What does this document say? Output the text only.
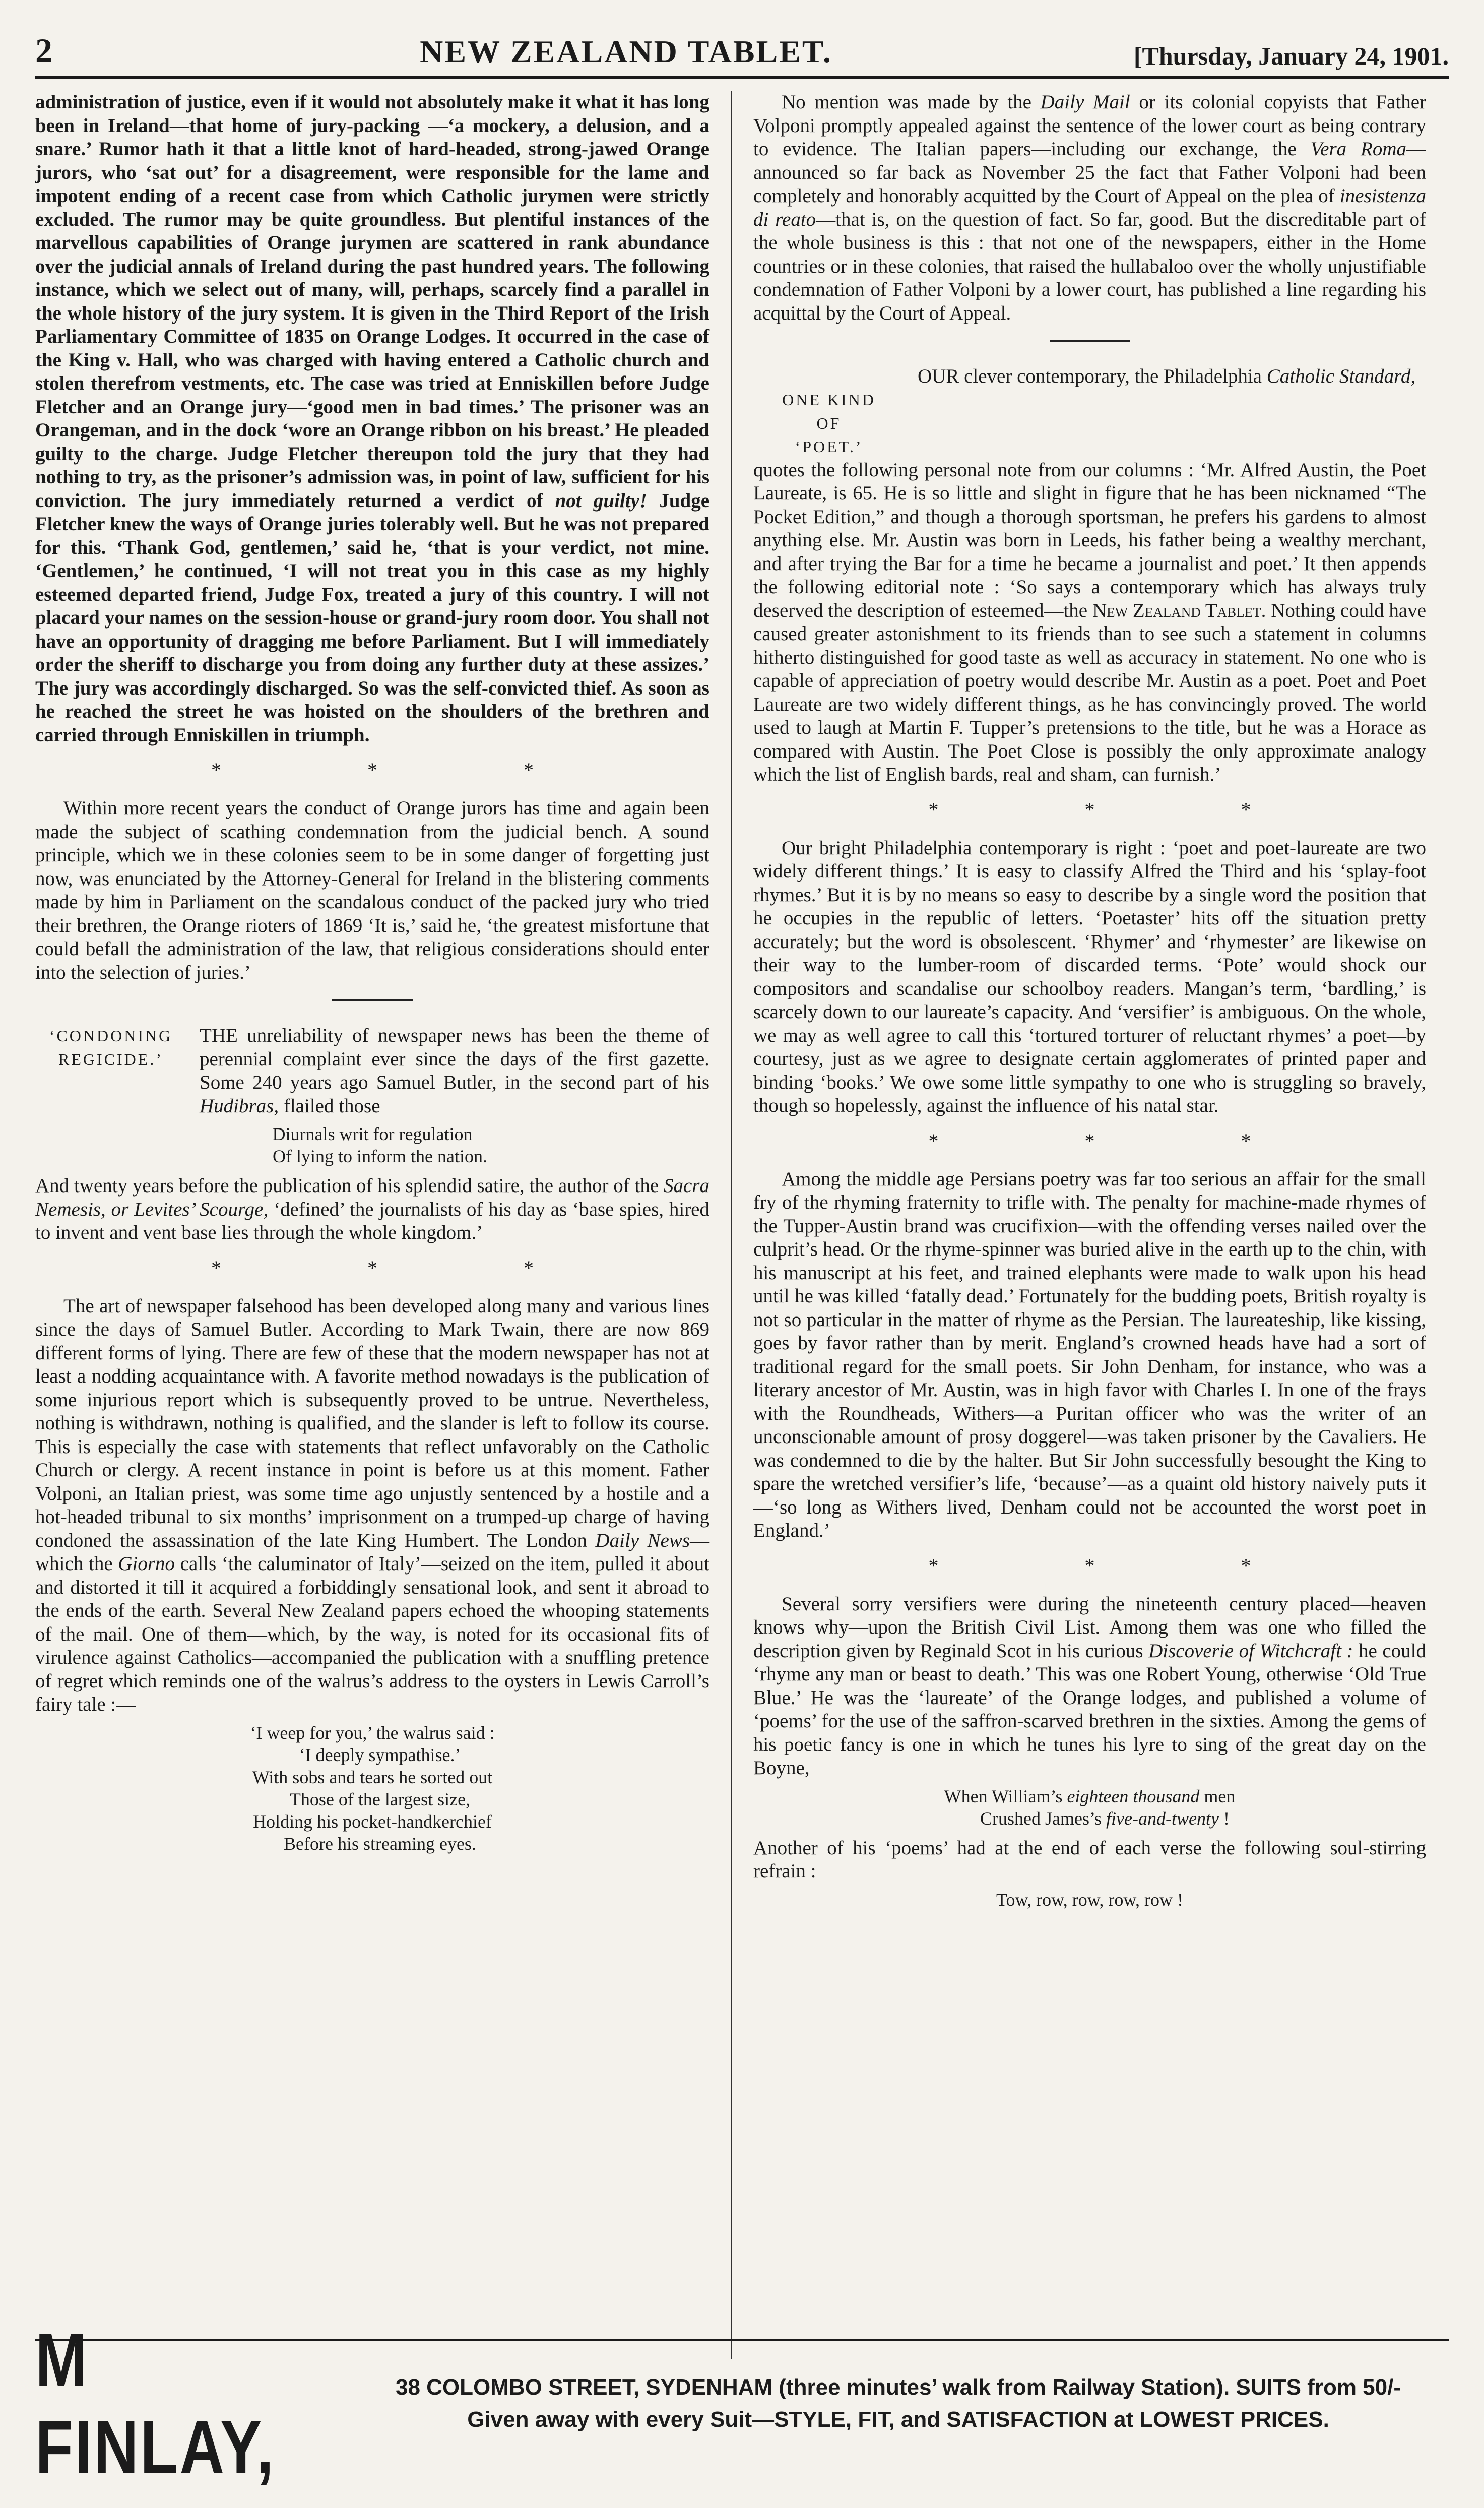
2	NEW ZEALAND TABLET.	[Thursday, January 24, 1901.

administration of justice, even if it would not absolutely make it what it has long been in Ireland—that home of jury-packing —‘a mockery, a delusion, and a snare.’ Rumor hath it that a little knot of hard-headed, strong-jawed Orange jurors, who ‘sat out’ for a disagreement, were responsible for the lame and impotent ending of a recent case from which Catholic jurymen were strictly excluded. The rumor may be quite groundless. But plentiful instances of the marvellous capabilities of Orange jurymen are scattered in rank abundance over the judicial annals of Ireland during the past hundred years. The following instance, which we select out of many, will, perhaps, scarcely find a parallel in the whole history of the jury system. It is given in the Third Report of the Irish Parliamentary Committee of 1835 on Orange Lodges. It occurred in the case of the King v. Hall, who was charged with having entered a Catholic church and stolen therefrom vestments, etc. The case was tried at Enniskillen before Judge Fletcher and an Orange jury—‘good men in bad times.’ The prisoner was an Orangeman, and in the dock ‘wore an Orange ribbon on his breast.’ He pleaded guilty to the charge. Judge Fletcher thereupon told the jury that they had nothing to try, as the prisoner’s admission was, in point of law, sufficient for his conviction. The jury immediately returned a verdict of not guilty! Judge Fletcher knew the ways of Orange juries tolerably well. But he was not prepared for this. ‘Thank God, gentlemen,’ said he, ‘that is your verdict, not mine. ‘Gentlemen,’ he continued, ‘I will not treat you in this case as my highly esteemed departed friend, Judge Fox, treated a jury of this country. I will not placard your names on the session-house or grand-jury room door. You shall not have an opportunity of dragging me before Parliament. But I will immediately order the sheriff to discharge you from doing any further duty at these assizes.’ The jury was accordingly discharged. So was the self-convicted thief. As soon as he reached the street he was hoisted on the shoulders of the brethren and carried through Enniskillen in triumph.

* * *

Within more recent years the conduct of Orange jurors has time and again been made the subject of scathing condemnation from the judicial bench. A sound principle, which we in these colonies seem to be in some danger of forgetting just now, was enunciated by the Attorney-General for Ireland in the blistering comments made by him in Parliament on the scandalous conduct of the packed jury who tried their brethren, the Orange rioters of 1869 ‘It is,’ said he, ‘the greatest misfortune that could befall the administration of the law, that religious considerations should enter into the selection of juries.’

‘CONDONING
REGICIDE.’

THE unreliability of newspaper news has been the theme of perennial complaint ever since the days of the first gazette. Some 240 years ago Samuel Butler, in the second part of his Hudibras, flailed those

Diurnals writ for regulation
Of lying to inform the nation.

And twenty years before the publication of his splendid satire, the author of the Sacra Nemesis, or Levites’ Scourge, ‘defined’ the journalists of his day as ‘base spies, hired to invent and vent base lies through the whole kingdom.’

* * *

The art of newspaper falsehood has been developed along many and various lines since the days of Samuel Butler. According to Mark Twain, there are now 869 different forms of lying. There are few of these that the modern newspaper has not at least a nodding acquaintance with. A favorite method nowadays is the publication of some injurious report which is subsequently proved to be untrue. Nevertheless, nothing is withdrawn, nothing is qualified, and the slander is left to follow its course. This is especially the case with statements that reflect unfavorably on the Catholic Church or clergy. A recent instance in point is before us at this moment. Father Volponi, an Italian priest, was some time ago unjustly sentenced by a hostile and a hot-headed tribunal to six months’ imprisonment on a trumped-up charge of having condoned the assassination of the late King Humbert. The London Daily News—which the Giorno calls ‘the caluminator of Italy’—seized on the item, pulled it about and distorted it till it acquired a forbiddingly sensational look, and sent it abroad to the ends of the earth. Several New Zealand papers echoed the whooping statements of the mail. One of them—which, by the way, is noted for its occasional fits of virulence against Catholics—accompanied the publication with a snuffling pretence of regret which reminds one of the walrus’s address to the oysters in Lewis Carroll’s fairy tale :—

‘I weep for you,’ the walrus said :
‘I deeply sympathise.’
With sobs and tears he sorted out
Those of the largest size,
Holding his pocket-handkerchief
Before his streaming eyes.

No mention was made by the Daily Mail or its colonial copyists that Father Volponi promptly appealed against the sentence of the lower court as being contrary to evidence. The Italian papers—including our exchange, the Vera Roma—announced so far back as November 25 the fact that Father Volponi had been completely and honorably acquitted by the Court of Appeal on the plea of inesistenza di reato—that is, on the question of fact. So far, good. But the discreditable part of the whole business is this : that not one of the newspapers, either in the Home countries or in these colonies, that raised the hullabaloo over the wholly unjustifiable condemnation of Father Volponi by a lower court, has published a line regarding his acquittal by the Court of Appeal.

ONE KIND
OF
‘POET.’

OUR clever contemporary, the Philadelphia Catholic Standard,

quotes the following personal note from our columns : ‘Mr. Alfred Austin, the Poet Laureate, is 65. He is so little and slight in figure that he has been nicknamed “The Pocket Edition,” and though a thorough sportsman, he prefers his gardens to almost anything else. Mr. Austin was born in Leeds, his father being a wealthy merchant, and after trying the Bar for a time he became a journalist and poet.’ It then appends the following editorial note : ‘So says a contemporary which has always truly deserved the description of esteemed—the New Zealand Tablet. Nothing could have caused greater astonishment to its friends than to see such a statement in columns hitherto distinguished for good taste as well as accuracy in statement. No one who is capable of appreciation of poetry would describe Mr. Austin as a poet. Poet and Poet Laureate are two widely different things, as he has convincingly proved. The world used to laugh at Martin F. Tupper’s pretensions to the title, but he was a Horace as compared with Austin. The Poet Close is possibly the only approximate analogy which the list of English bards, real and sham, can furnish.’

* * *

Our bright Philadelphia contemporary is right : ‘poet and poet-laureate are two widely different things.’ It is easy to classify Alfred the Third and his ‘splay-foot rhymes.’ But it is by no means so easy to describe by a single word the position that he occupies in the republic of letters. ‘Poetaster’ hits off the situation pretty accurately; but the word is obsolescent. ‘Rhymer’ and ‘rhymester’ are likewise on their way to the lumber-room of discarded terms. ‘Pote’ would shock our compositors and scandalise our schoolboy readers. Mangan’s term, ‘bardling,’ is scarcely down to our laureate’s capacity. And ‘versifier’ is ambiguous. On the whole, we may as well agree to call this ‘tortured torturer of reluctant rhymes’ a poet—by courtesy, just as we agree to designate certain agglomerates of printed paper and binding ‘books.’ We owe some little sympathy to one who is struggling so bravely, though so hopelessly, against the influence of his natal star.

* * *

Among the middle age Persians poetry was far too serious an affair for the small fry of the rhyming fraternity to trifle with. The penalty for machine-made rhymes of the Tupper-Austin brand was crucifixion—with the offending verses nailed over the culprit’s head. Or the rhyme-spinner was buried alive in the earth up to the chin, with his manuscript at his feet, and trained elephants were made to walk upon his head until he was killed ‘fatally dead.’ Fortunately for the budding poets, British royalty is not so particular in the matter of rhyme as the Persian. The laureateship, like kissing, goes by favor rather than by merit. England’s crowned heads have had a sort of traditional regard for the small poets. Sir John Denham, for instance, who was a literary ancestor of Mr. Austin, was in high favor with Charles I. In one of the frays with the Roundheads, Withers—a Puritan officer who was the writer of an unconscionable amount of prosy doggerel—was taken prisoner by the Cavaliers. He was condemned to die by the halter. But Sir John successfully besought the King to spare the wretched versifier’s life, ‘because’—as a quaint old history naively puts it—‘so long as Withers lived, Denham could not be accounted the worst poet in England.’

* * *

Several sorry versifiers were during the nineteenth century placed—heaven knows why—upon the British Civil List. Among them was one who filled the description given by Reginald Scot in his curious Discoverie of Witchcraft : he could ‘rhyme any man or beast to death.’ This was one Robert Young, otherwise ‘Old True Blue.’ He was the ‘laureate’ of the Orange lodges, and published a volume of ‘poems’ for the use of the saffron-scarved brethren in the sixties. Among the gems of his poetic fancy is one in which he tunes his lyre to sing of the great day on the Boyne,

When William’s eighteen thousand men
Crushed James’s five-and-twenty !

Another of his ‘poems’ had at the end of each verse the following soul-stirring refrain :

Tow, row, row, row, row !
M FINLAY,
38 COLOMBO STREET, SYDENHAM (three minutes’ walk from Railway Station). SUITS from 50/-
Given away with every Suit—STYLE, FIT, and SATISFACTION at LOWEST PRICES.
